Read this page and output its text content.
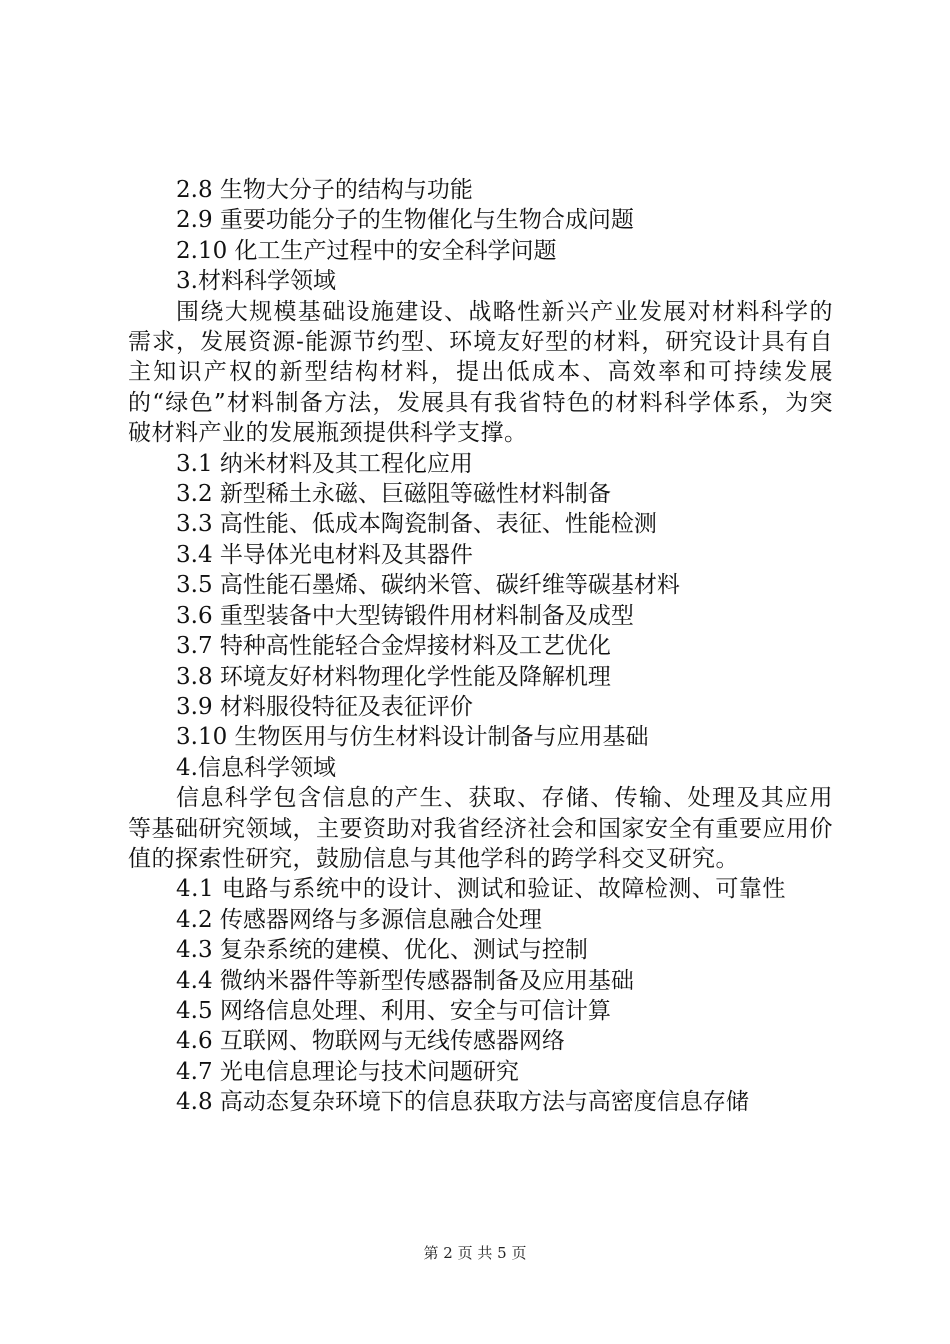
2.8 生物大分子的结构与功能

2.9 重要功能分子的生物催化与生物合成问题

2.10 化工生产过程中的安全科学问题

3.材料科学领域

围绕大规模基础设施建设、战略性新兴产业发展对材料科学的需求，发展资源-能源节约型、环境友好型的材料，研究设计具有自主知识产权的新型结构材料，提出低成本、高效率和可持续发展的“绿色”材料制备方法，发展具有我省特色的材料科学体系，为突破材料产业的发展瓶颈提供科学支撑。

3.1 纳米材料及其工程化应用

3.2 新型稀土永磁、巨磁阻等磁性材料制备

3.3 高性能、低成本陶瓷制备、表征、性能检测

3.4 半导体光电材料及其器件

3.5 高性能石墨烯、碳纳米管、碳纤维等碳基材料

3.6 重型装备中大型铸锻件用材料制备及成型

3.7 特种高性能轻合金焊接材料及工艺优化

3.8 环境友好材料物理化学性能及降解机理

3.9 材料服役特征及表征评价

3.10 生物医用与仿生材料设计制备与应用基础

4.信息科学领域

信息科学包含信息的产生、获取、存储、传输、处理及其应用等基础研究领域，主要资助对我省经济社会和国家安全有重要应用价值的探索性研究，鼓励信息与其他学科的跨学科交叉研究。

4.1 电路与系统中的设计、测试和验证、故障检测、可靠性

4.2 传感器网络与多源信息融合处理

4.3 复杂系统的建模、优化、测试与控制

4.4 微纳米器件等新型传感器制备及应用基础

4.5 网络信息处理、利用、安全与可信计算

4.6 互联网、物联网与无线传感器网络

4.7 光电信息理论与技术问题研究

4.8 高动态复杂环境下的信息获取方法与高密度信息存储

第 2 页 共 5 页
